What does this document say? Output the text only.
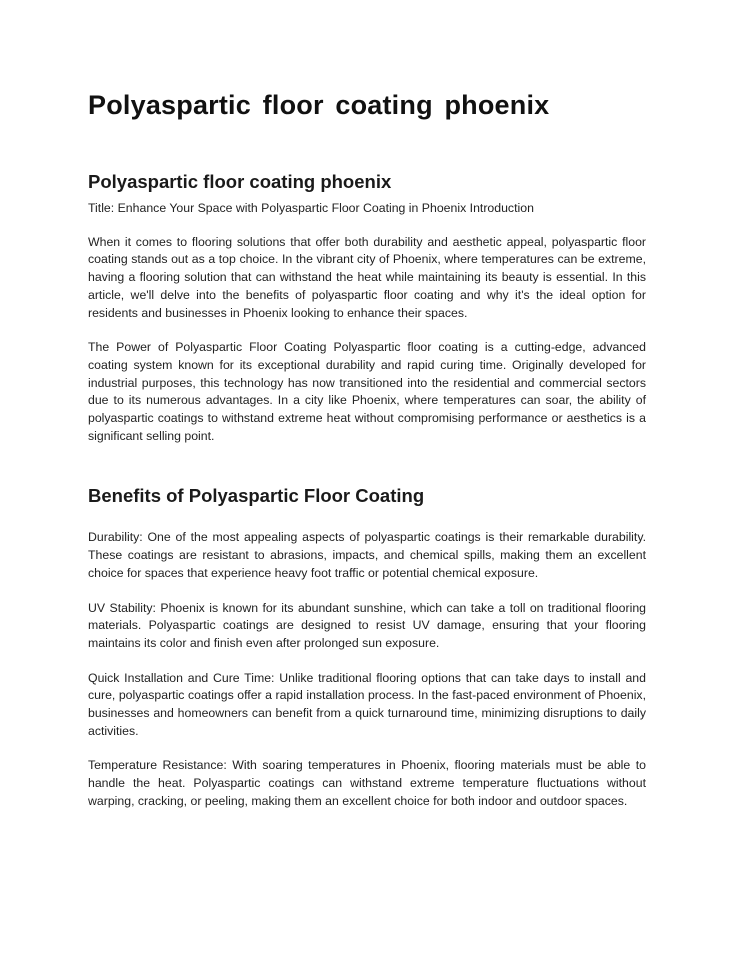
Polyaspartic floor coating phoenix
Polyaspartic floor coating phoenix

Title: Enhance Your Space with Polyaspartic Floor Coating in Phoenix Introduction

When it comes to flooring solutions that offer both durability and aesthetic appeal, polyaspartic floor coating stands out as a top choice. In the vibrant city of Phoenix, where temperatures can be extreme, having a flooring solution that can withstand the heat while maintaining its beauty is essential. In this article, we'll delve into the benefits of polyaspartic floor coating and why it's the ideal option for residents and businesses in Phoenix looking to enhance their spaces.

The Power of Polyaspartic Floor Coating Polyaspartic floor coating is a cutting-edge, advanced coating system known for its exceptional durability and rapid curing time. Originally developed for industrial purposes, this technology has now transitioned into the residential and commercial sectors due to its numerous advantages. In a city like Phoenix, where temperatures can soar, the ability of polyaspartic coatings to withstand extreme heat without compromising performance or aesthetics is a significant selling point.

Benefits of Polyaspartic Floor Coating

Durability: One of the most appealing aspects of polyaspartic coatings is their remarkable durability. These coatings are resistant to abrasions, impacts, and chemical spills, making them an excellent choice for spaces that experience heavy foot traffic or potential chemical exposure.

UV Stability: Phoenix is known for its abundant sunshine, which can take a toll on traditional flooring materials. Polyaspartic coatings are designed to resist UV damage, ensuring that your flooring maintains its color and finish even after prolonged sun exposure.

Quick Installation and Cure Time: Unlike traditional flooring options that can take days to install and cure, polyaspartic coatings offer a rapid installation process. In the fast-paced environment of Phoenix, businesses and homeowners can benefit from a quick turnaround time, minimizing disruptions to daily activities.

Temperature Resistance: With soaring temperatures in Phoenix, flooring materials must be able to handle the heat. Polyaspartic coatings can withstand extreme temperature fluctuations without warping, cracking, or peeling, making them an excellent choice for both indoor and outdoor spaces.
